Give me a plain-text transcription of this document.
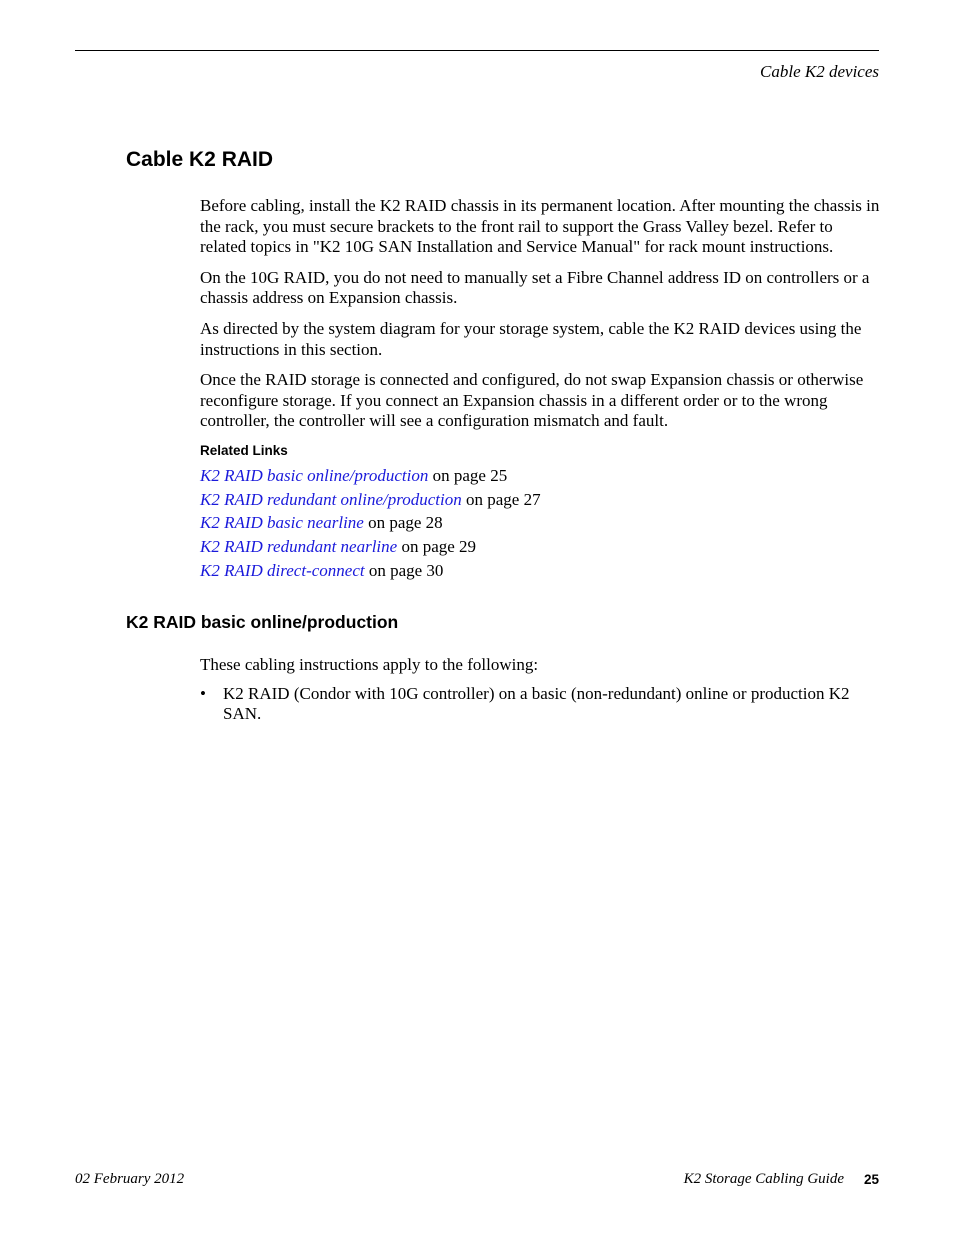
Cable K2 devices
Cable K2 RAID

Before cabling, install the K2 RAID chassis in its permanent location. After mounting the chassis in the rack, you must secure brackets to the front rail to support the Grass Valley bezel. Refer to related topics in "K2 10G SAN Installation and Service Manual" for rack mount instructions.

On the 10G RAID, you do not need to manually set a Fibre Channel address ID on controllers or a chassis address on Expansion chassis.

As directed by the system diagram for your storage system, cable the K2 RAID devices using the instructions in this section.

Once the RAID storage is connected and configured, do not swap Expansion chassis or otherwise reconfigure storage. If you connect an Expansion chassis in a different order or to the wrong controller, the controller will see a configuration mismatch and fault.

Related Links
K2 RAID basic online/production on page 25
K2 RAID redundant online/production on page 27
K2 RAID basic nearline on page 28
K2 RAID redundant nearline on page 29
K2 RAID direct-connect on page 30
K2 RAID basic online/production

These cabling instructions apply to the following:

• K2 RAID (Condor with 10G controller) on a basic (non-redundant) online or production K2 SAN.
02 February 2012	K2 Storage Cabling Guide 25
